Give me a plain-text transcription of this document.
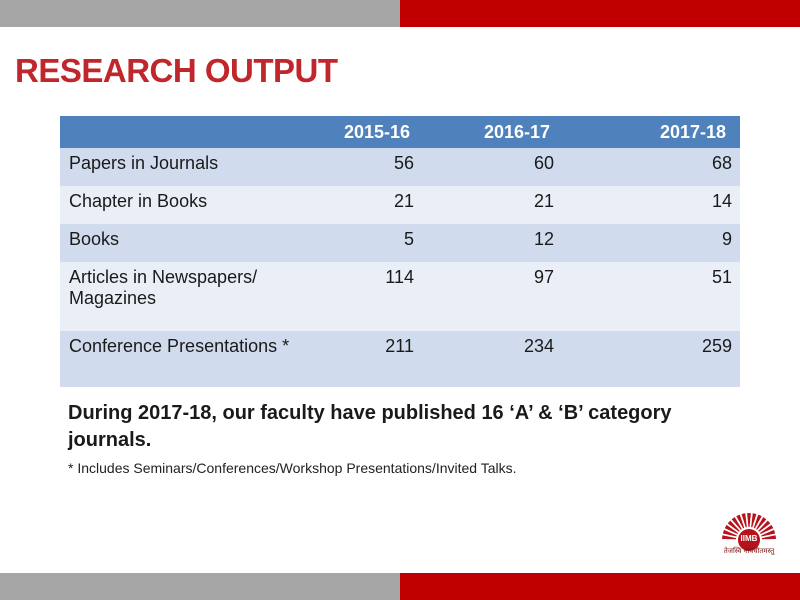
RESEARCH OUTPUT
	2015-16	2016-17	2017-18
Papers in Journals	56	60	68
Chapter in Books	21	21	14
Books	5	12	9
Articles in Newspapers/ Magazines	114	97	51
Conference Presentations *	211	234	259
During 2017-18, our faculty have published 16 ‘A’ & ‘B’ category journals.
* Includes Seminars/Conferences/Workshop Presentations/Invited Talks.
IIMB
तेजस्वि नावधीतमस्तु
